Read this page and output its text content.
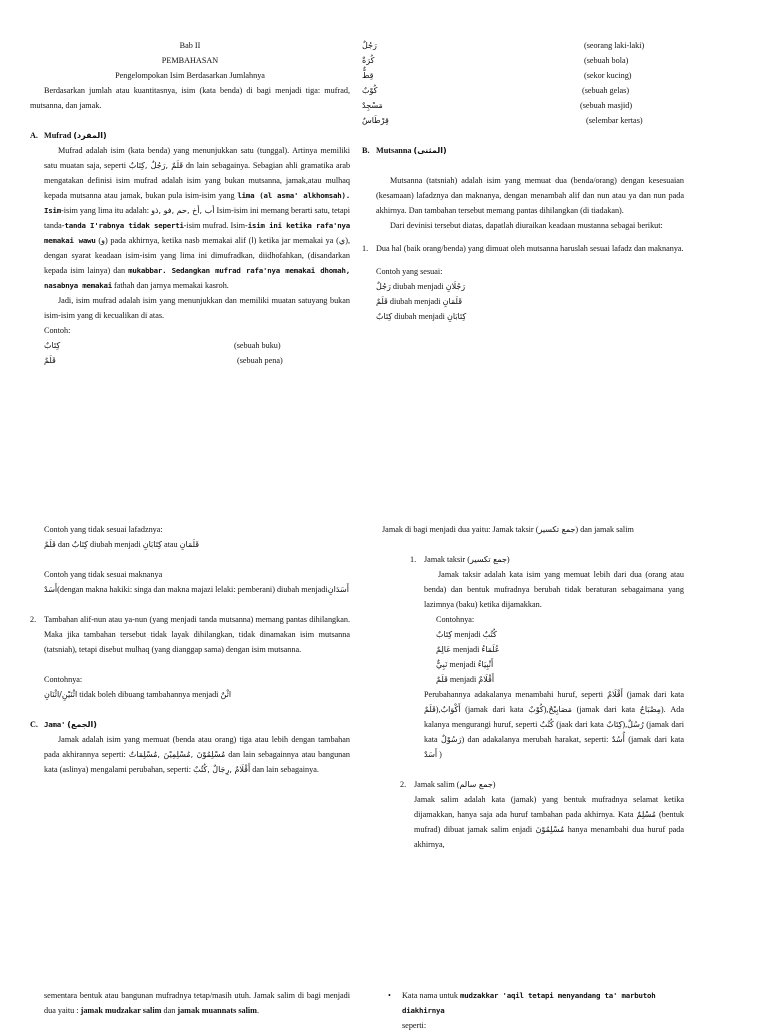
Bab II

PEMBAHASAN

Pengelompokan Isim Berdasarkan Jumlahnya

Berdasarkan jumlah atau kuantitasnya, isim (kata benda) di bagi menjadi tiga: mufrad, mutsanna, dan jamak.

A. Mufrad (المفرد)

Mufrad adalah isim (kata benda) yang menunjukkan satu (tunggal). Artinya memiliki satu muatan saja, seperti قَلَمٌ ,رَجُلٌ ,كِتَابٌ dn lain sebagainya. Sebagian ahli gramatika arab mengatakan definisi isim mufrad adalah isim yang bukan mutsanna, jamak,atau mulhaq kepada mutsanna atau jamak, bukan pula isim-isim yang lima (al asma' alkhomsah). Isim-isim yang lima itu adalah: أب ,أخ ,حم ,فو ,ذو Isim-isim ini memang berarti satu, tetapi tanda-tanda I'rabnya tidak seperti-isim mufrad. Isim-isim ini ketika rafa'nya memakai wawu (و) pada akhirnya, ketika nasb memakai alif (ا) ketika jar memakai ya (ي), dengan syarat keadaan isim-isim yang lima ini dimufradkan, diidhofahkan, (disandarkan kepada isim lainya) dan mukabbar. Sedangkan mufrad rafa'nya memakai dhomah, nasabnya memakai fathah dan jarnya memakai kasroh.

Jadi, isim mufrad adalah isim yang menunjukkan dan memiliki muatan satuyang bukan isim-isim yang di kecualikan di atas.

Contoh:

كِتَابٌ	(sebuah buku)
قَلَمٌ	(sebuah pena)
رَجُلٌ	(seorang laki-laki)
كُرَةٌ	(sebuah bola)
قِطٌّ	(sekor kucing)
كُوْبٌ	(sebuah gelas)
مَسْجِدٌ	(sebuah masjid)
قِرْطَاسٌ	(selembar kertas)

B. Mutsanna (المثنى)

Mutsanna (tatsniah) adalah isim yang memuat dua (benda/orang) dengan kesesuaian (kesamaan) lafadznya dan maknanya, dengan menambah alif dan nun atau ya dan nun pada akhirnya. Dan tambahan tersebut memang pantas dihilangkan (di tiadakan).

Dari devinisi tersebut diatas, dapatlah diuraikan keadaan mustanna sebagai berikut:

1. Dua hal (baik orang/benda) yang dimuat oleh mutsanna haruslah sesuai lafadz dan maknanya.

Contoh yang sesuai:

رَجُلٌ diubah menjadi رَجُلَانِ

قَلَمٌ diubah menjadi قَلَمَانِ

كِتَابٌ diubah menjadi كِتَابَانِ

Contoh yang tidak sesuai lafadznya:

قَلَمٌ dan كِتَابٌ diubah menjadi كِتَابَانِ atau قَلَمَانِ

Contoh yang tidak sesuai maknanya

أَسَدٌ(dengan makna hakiki: singa dan makna majazi lelaki: pemberani) diubah menjadiأَسَدَانِ

2. Tambahan alif-nun atau ya-nun (yang menjadi tanda mutsanna) memang pantas dihilangkan. Maka jika tambahan tersebut tidak layak dihilangkan, tidak dinamakan isim mutsanna (tatsniah), tetapi disebut mulhaq (yang dianggap sama) dengan isim mutsanna.

Contohnya:

اثْنَيْنِ/اثْنَانِ tidak boleh dibuang tambahannya menjadi اثْنٌ

C. Jama' (الجمع)

Jamak adalah isim yang memuat (benda atau orang) tiga atau lebih dengan tambahan pada akhirannya seperti: مُسْلِمُوْنَ ,مُسْلِمِيْنَ ,مُسْلِمَاتٌ dan lain sebagainnya atau bangunan kata (aslinya) mengalami perubahan, seperti: أَقْلَامٌ ,رِجَالٌ ,كُتُبٌ dan lain sebagainya.

Jamak di bagi menjadi dua yaitu: Jamak taksir (جمع تكسير) dan jamak salim

1. Jamak taksir (جمع تكسير)

Jamak taksir adalah kata isim yang memuat lebih dari dua (orang atau benda) dan bentuk mufradnya berubah tidak beraturan sebagaimana yang lazimnya (baku) ketika dijamakkan.

Contohnya:

كِتَابٌ menjadi كُتُبٌ

عَالِمٌ menjadi عُلَمَاءُ

نَبِيٌّ menjadi أَنْبِيَاءُ

قَلَمٌ menjadi أَقْلَامٌ

Perubahannya adakalanya menambahi huruf, seperti أَقْلَامٌ (jamak dari kata قَلَمٌ),أَكْوَابٌ (jamak dari kata كُوْبٌ),مَصَابِيْحُ (jamak dari kata مِصْبَاحٌ). Ada kalanya mengurangi huruf, seperti كُتُبٌ (jaak dari kata كِتَابٌ),رُسُلٌ (jamak dari kata رَسُوْلٌ) dan adakalanya merubah harakat, seperti: أُسُدٌ (jamak dari kata أَسَدٌ )

2. Jamak salim (جمع سالم)

Jamak salim adalah kata (jamak) yang bentuk mufradnya selamat ketika dijamakkan, hanya saja ada huruf tambahan pada akhirnya. Kata مُسْلِمٌ (bentuk mufrad) dibuat jamak salim enjadi مُسْلِمُوْنَ hanya menambahi dua huruf pada akhirnya,

sementara bentuk atau bangunan mufradnya tetap/masih utuh. Jamak salim di bagi menjadi dua yaitu : jamak mudzakar salim dan jamak muannats salim.

• Kata nama untuk mudzakkar 'aqil tetapi menyandang ta' marbutoh diakhirnya

seperti:
